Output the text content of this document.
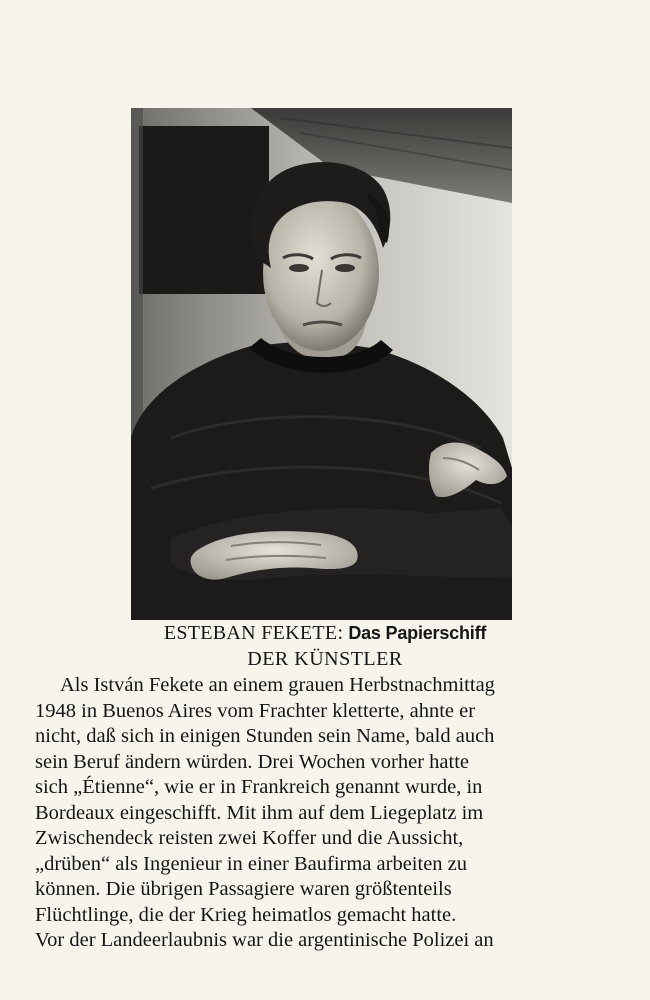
ESTEBAN FEKETE: Das Papierschiff
DER KÜNSTLER
Als István Fekete an einem grauen Herbstnachmittag
1948 in Buenos Aires vom Frachter kletterte, ahnte er
nicht, daß sich in einigen Stunden sein Name, bald auch
sein Beruf ändern würden. Drei Wochen vorher hatte
sich „Étienne“, wie er in Frankreich genannt wurde, in
Bordeaux eingeschifft. Mit ihm auf dem Liegeplatz im
Zwischendeck reisten zwei Koffer und die Aussicht,
„drüben“ als Ingenieur in einer Baufirma arbeiten zu
können. Die übrigen Passagiere waren größtenteils
Flüchtlinge, die der Krieg heimatlos gemacht hatte.
Vor der Landeerlaubnis war die argentinische Polizei an
